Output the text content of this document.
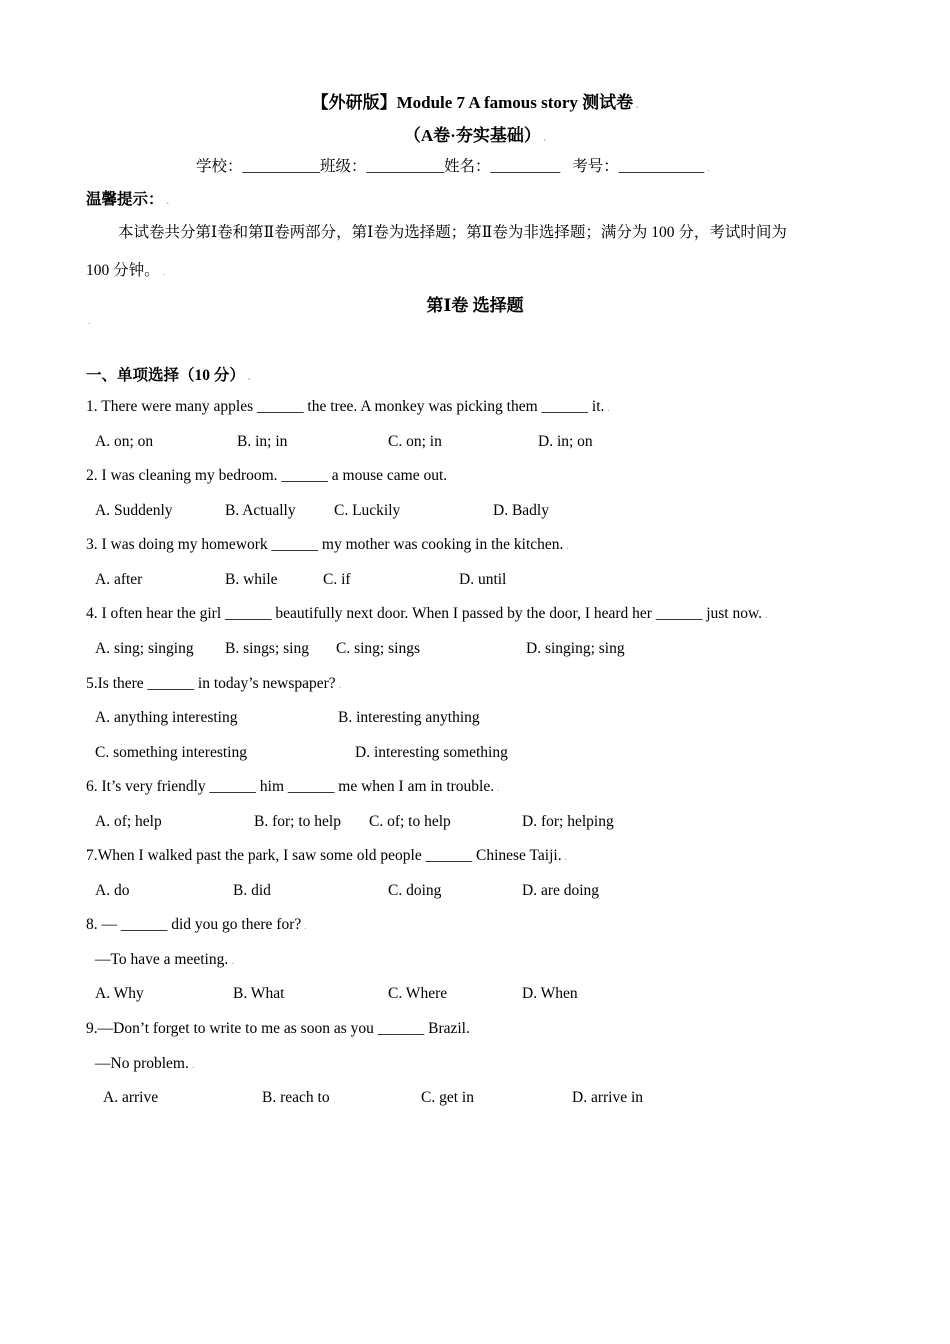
【外研版】Module 7 A famous story 测试卷 .
（A卷·夯实基础） .
学校：__________班级：__________姓名：_________ 考号：___________ .
温馨提示： .
本试卷共分第Ⅰ卷和第Ⅱ卷两部分，第Ⅰ卷为选择题；第Ⅱ卷为非选择题；满分为 100 分，考试时间为
100 分钟。 .
第Ⅰ卷 选择题
.
一、单项选择（10 分） .
1. There were many apples ______ the tree. A monkey was picking them ______ it. .
A. on; on	B. in; in	C. on; in	D. in; on
2. I was cleaning my bedroom. ______ a mouse came out.
A. Suddenly	B. Actually C. Luckily	D. Badly
3. I was doing my homework ______ my mother was cooking in the kitchen. .
A. after	B. while	C. if	D. until
4. I often hear the girl ______ beautifully next door. When I passed by the door, I heard her ______ just now. .
A. sing; singing B. sings; sing C. sing; sings	D. singing; sing
5.Is there ______ in today’s newspaper? .
A. anything interesting	B. interesting anything
C. something interesting	D. interesting something
6. It’s very friendly ______ him ______ me when I am in trouble. .
A. of; help	B. for; to help C. of; to help	D. for; helping
7.When I walked past the park, I saw some old people ______ Chinese Taiji. .
A. do	B. did	C. doing	D. are doing
8. — ______ did you go there for? .
—To have a meeting. .
A. Why	B. What	C. Where	D. When
9.—Don’t forget to write to me as soon as you ______ Brazil.
—No problem. .
A. arrive	B. reach to	C. get in	D. arrive in
